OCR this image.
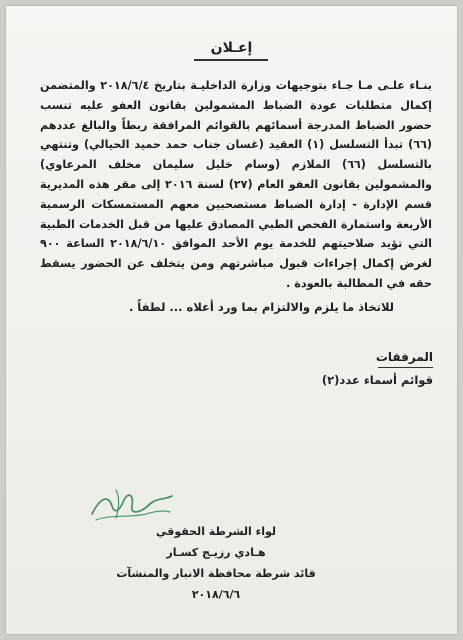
إعـلان
بنـاء علـى مـا جـاء بتوجيهات وزارة الداخليـة بتاريخ ٢٠١٨/٦/٤ والمتضمن إكمال متطلبات عودة الضباط المشمولين بقانون العفو عليه تنسب حضور الضباط المدرجة أسمائهم بالقوائم المرافقة ربطاً والبالغ عددهم (٦٦) تبدأ التسلسل (١) العقيد (غسان جناب حمد حميد الحيالي) وتنتهي بالتسلسل (٦٦) الملازم (وسام خليل سليمان مخلف المرعاوي) والمشمولين بقانون العفو العام (٢٧) لسنة ٢٠١٦ إلى مقر هذه المديرية قسم الإدارة - إدارة الضباط مستصحبين معهم المستمسكات الرسمية الأربعة واستمارة الفحص الطبي المصادق عليها من قبل الخدمات الطبية التي تؤيد صلاحيتهم للخدمة يوم الأحد الموافق ٢٠١٨/٦/١٠ الساعة ٩٠٠ لغرض إكمال إجراءات قبول مباشرتهم ومن يتخلف عن الحضور يسقط حقه في المطالبة بالعودة .
للاتخاذ ما يلزم والالتزام بما ورد أعلاه ... لطفاً .
المرفقات
قوائم أسماء عدد(٢)
لواء الشرطة الحقوقي
هـادي رزيـج كسـار
قائد شرطة محافظة الانبار والمنشآت
٢٠١٨/٦/٦
